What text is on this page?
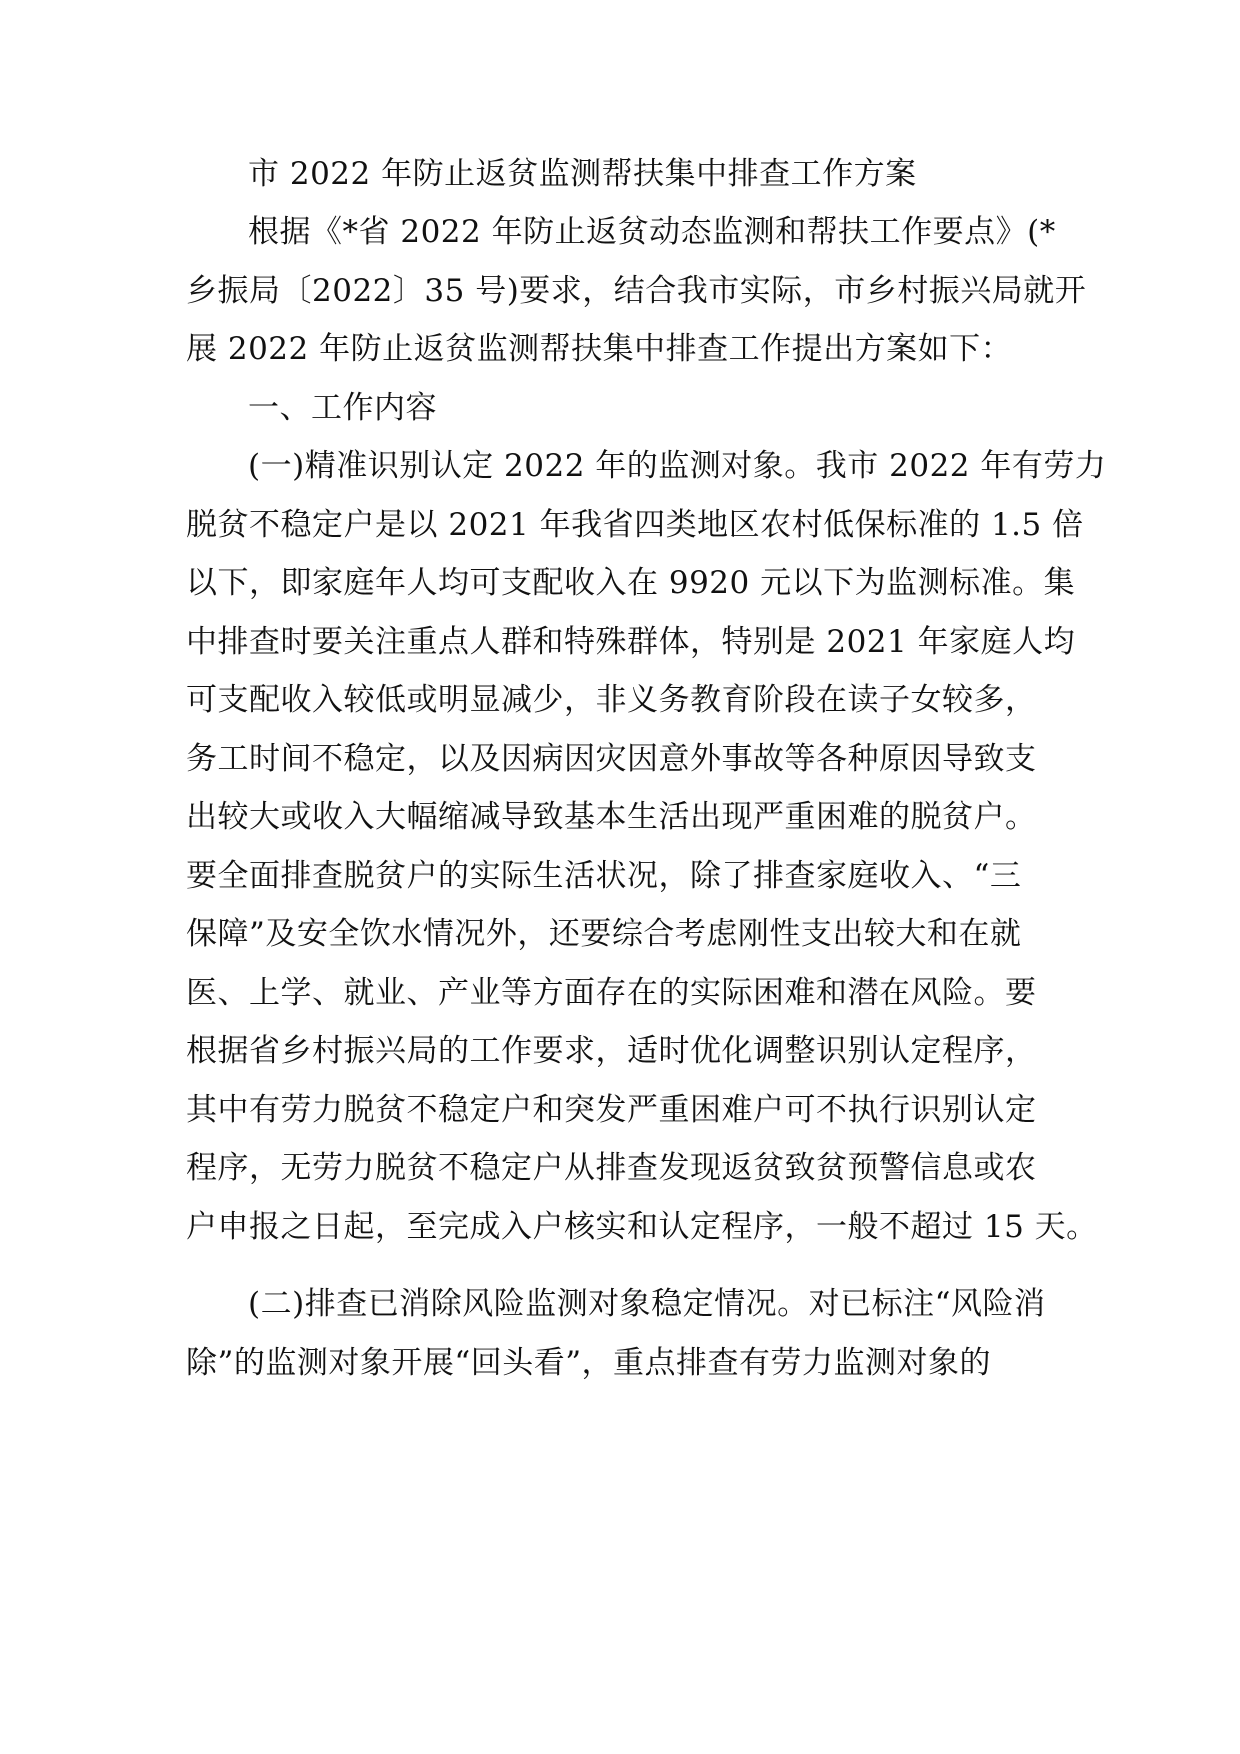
市 2022 年防止返贫监测帮扶集中排查工作方案
根据《*省 2022 年防止返贫动态监测和帮扶工作要点》(*
乡振局〔2022〕35 号)要求，结合我市实际，市乡村振兴局就开
展 2022 年防止返贫监测帮扶集中排查工作提出方案如下：
一、工作内容
(一)精准识别认定 2022 年的监测对象。我市 2022 年有劳力
脱贫不稳定户是以 2021 年我省四类地区农村低保标准的 1.5 倍
以下，即家庭年人均可支配收入在 9920 元以下为监测标准。集
中排查时要关注重点人群和特殊群体，特别是 2021 年家庭人均
可支配收入较低或明显减少，非义务教育阶段在读子女较多，
务工时间不稳定，以及因病因灾因意外事故等各种原因导致支
出较大或收入大幅缩减导致基本生活出现严重困难的脱贫户。
要全面排查脱贫户的实际生活状况，除了排查家庭收入、“三
保障”及安全饮水情况外，还要综合考虑刚性支出较大和在就
医、上学、就业、产业等方面存在的实际困难和潜在风险。要
根据省乡村振兴局的工作要求，适时优化调整识别认定程序，
其中有劳力脱贫不稳定户和突发严重困难户可不执行识别认定
程序，无劳力脱贫不稳定户从排查发现返贫致贫预警信息或农
户申报之日起，至完成入户核实和认定程序，一般不超过 15 天。
(二)排查已消除风险监测对象稳定情况。对已标注“风险消
除”的监测对象开展“回头看”，重点排查有劳力监测对象的
